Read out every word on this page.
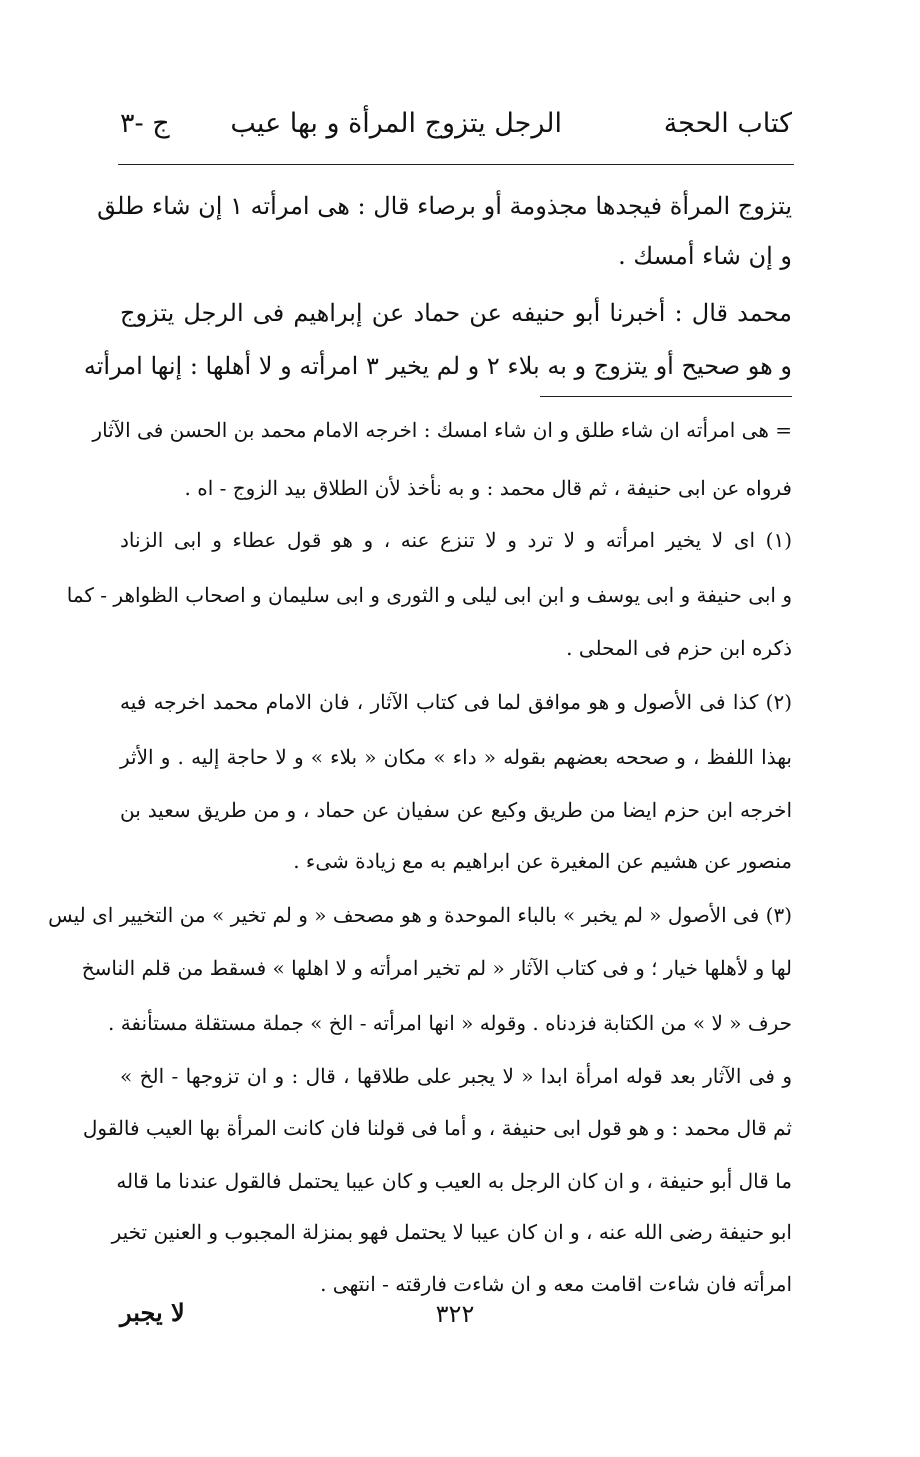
كتاب الحجة
الرجل يتزوج المرأة و بها عيب
ج -٣
يتزوج المرأة فيجدها مجذومة أو برصاء قال : هى امرأته ۱ إن شاء طلق
و إن شاء أمسك .
محمد قال : أخبرنا أبو حنيفه عن حماد عن إبراهيم فى الرجل يتزوج
و هو صحيح أو يتزوج و به بلاء ۲ و لم يخير ۳ امرأته و لا أهلها : إنها امرأته
= هى امرأته ان شاء طلق و ان شاء امسك : اخرجه الامام محمد بن الحسن فى الآثار
فرواه عن ابى حنيفة ، ثم قال محمد : و به نأخذ لأن الطلاق بيد الزوج - اه .
(۱) اى لا يخير امرأته و لا ترد و لا تنزع عنه ، و هو قول عطاء و ابى الزناد
و ابى حنيفة و ابى يوسف و ابن ابى ليلى و الثورى و ابى سليمان و اصحاب الظواهر - كما
ذكره ابن حزم فى المحلى .
(۲) كذا فى الأصول و هو موافق لما فى كتاب الآثار ، فان الامام محمد اخرجه فيه
بهذا اللفظ ، و صححه بعضهم بقوله « داء » مكان « بلاء » و لا حاجة إليه . و الأثر
اخرجه ابن حزم ايضا من طريق وكيع عن سفيان عن حماد ، و من طريق سعيد بن
منصور عن هشيم عن المغيرة عن ابراهيم به مع زيادة شىء .
(۳) فى الأصول « لم يخبر » بالباء الموحدة و هو مصحف « و لم تخير » من التخيير اى ليس
لها و لأهلها خيار ؛ و فى كتاب الآثار « لم تخير امرأته و لا اهلها » فسقط من قلم الناسخ
حرف « لا » من الكتابة فزدناه . وقوله « انها امرأته - الخ » جملة مستقلة مستأنفة .
و فى الآثار بعد قوله امرأة ابدا « لا يجبر على طلاقها ، قال : و ان تزوجها - الخ »
ثم قال محمد : و هو قول ابى حنيفة ، و أما فى قولنا فان كانت المرأة بها العيب فالقول
ما قال أبو حنيفة ، و ان كان الرجل به العيب و كان عيبا يحتمل فالقول عندنا ما قاله
ابو حنيفة رضى الله عنه ، و ان كان عيبا لا يحتمل فهو بمنزلة المجبوب و العنين تخير
امرأته فان شاءت اقامت معه و ان شاءت فارقته - انتهى .
٣٢٢
لا يجبر
